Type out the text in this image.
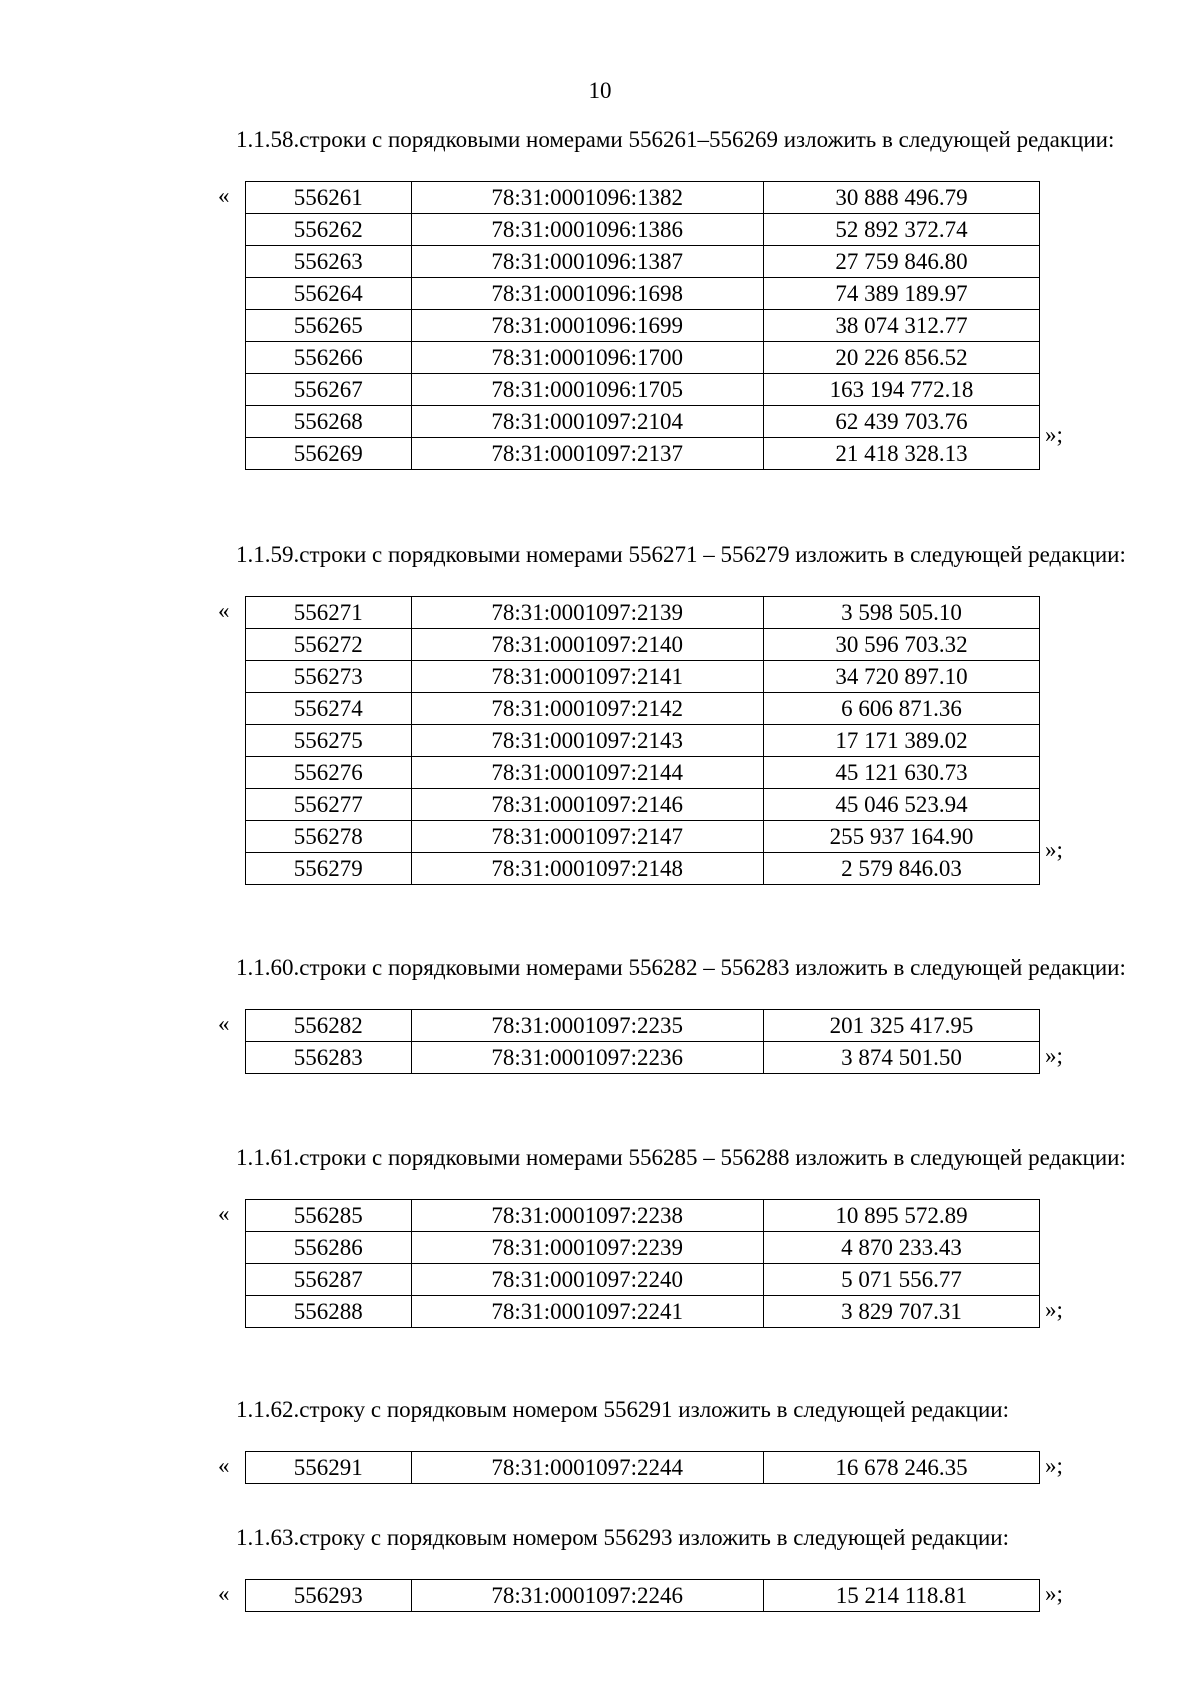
10
1.1.58.строки с порядковыми номерами 556261–556269 изложить в следующей редакции:
«	556261	78:31:0001096:1382	30 888 496.79
556262	78:31:0001096:1386	52 892 372.74
556263	78:31:0001096:1387	27 759 846.80
556264	78:31:0001096:1698	74 389 189.97
556265	78:31:0001096:1699	38 074 312.77
556266	78:31:0001096:1700	20 226 856.52
556267	78:31:0001096:1705	163 194 772.18
556268	78:31:0001097:2104	62 439 703.76
556269	78:31:0001097:2137	21 418 328.13
»;
1.1.59.строки с порядковыми номерами 556271 – 556279 изложить в следующей редакции:
«	556271	78:31:0001097:2139	3 598 505.10
556272	78:31:0001097:2140	30 596 703.32
556273	78:31:0001097:2141	34 720 897.10
556274	78:31:0001097:2142	6 606 871.36
556275	78:31:0001097:2143	17 171 389.02
556276	78:31:0001097:2144	45 121 630.73
556277	78:31:0001097:2146	45 046 523.94
556278	78:31:0001097:2147	255 937 164.90
556279	78:31:0001097:2148	2 579 846.03
»;
1.1.60.строки с порядковыми номерами 556282 – 556283 изложить в следующей редакции:
«	556282	78:31:0001097:2235	201 325 417.95
556283	78:31:0001097:2236	3 874 501.50	»;
1.1.61.строки с порядковыми номерами 556285 – 556288 изложить в следующей редакции:
«	556285	78:31:0001097:2238	10 895 572.89
556286	78:31:0001097:2239	4 870 233.43
556287	78:31:0001097:2240	5 071 556.77
556288	78:31:0001097:2241	3 829 707.31	»;
1.1.62.строку с порядковым номером 556291 изложить в следующей редакции:
«	556291	78:31:0001097:2244	16 678 246.35	»;
1.1.63.строку с порядковым номером 556293 изложить в следующей редакции:
«	556293	78:31:0001097:2246	15 214 118.81	»;
